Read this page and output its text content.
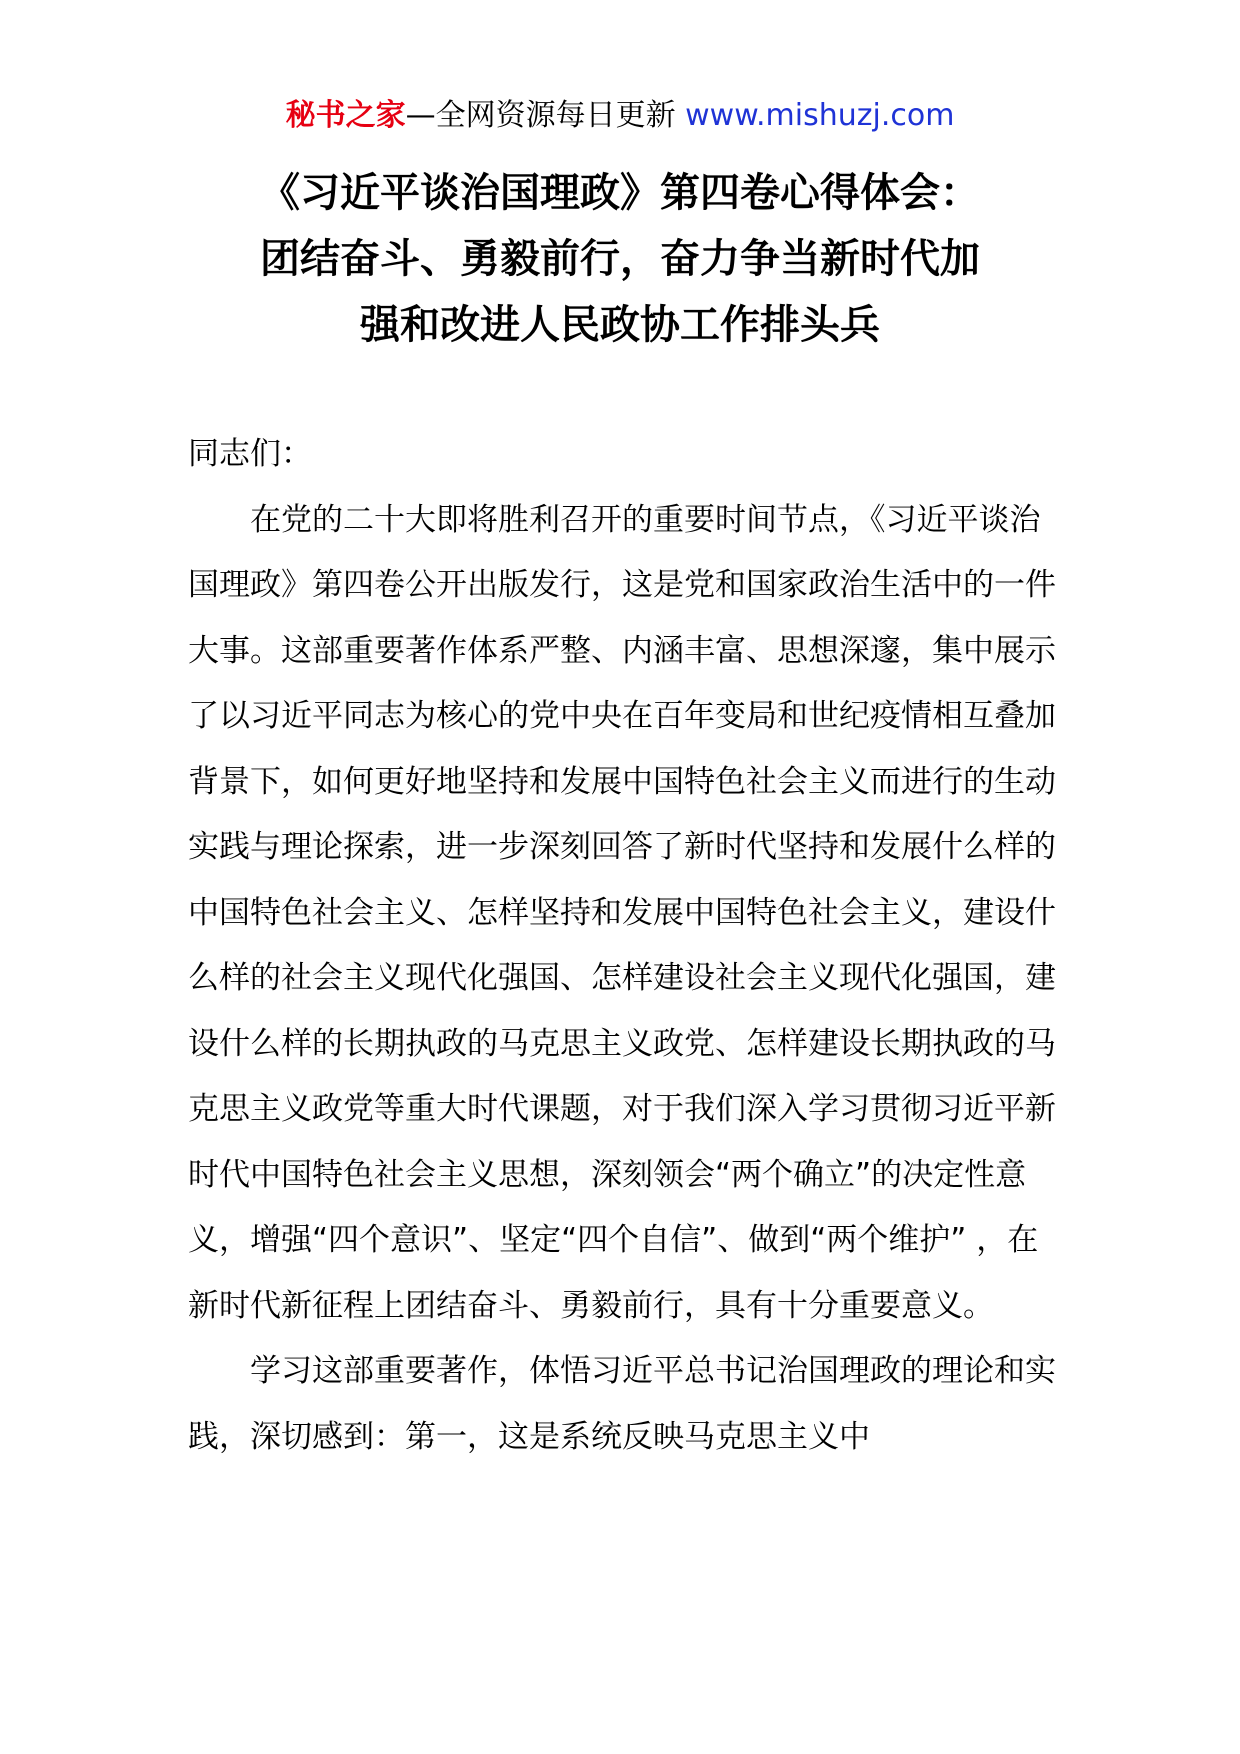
秘书之家—全网资源每日更新 www.mishuzj.com
《习近平谈治国理政》第四卷心得体会：
团结奋斗、勇毅前行，奋力争当新时代加
强和改进人民政协工作排头兵

同志们：

在党的二十大即将胜利召开的重要时间节点，《习近平谈治国理政》第四卷公开出版发行，这是党和国家政治生活中的一件大事。这部重要著作体系严整、内涵丰富、思想深邃，集中展示了以习近平同志为核心的党中央在百年变局和世纪疫情相互叠加背景下，如何更好地坚持和发展中国特色社会主义而进行的生动实践与理论探索，进一步深刻回答了新时代坚持和发展什么样的中国特色社会主义、怎样坚持和发展中国特色社会主义，建设什么样的社会主义现代化强国、怎样建设社会主义现代化强国，建设什么样的长期执政的马克思主义政党、怎样建设长期执政的马克思主义政党等重大时代课题，对于我们深入学习贯彻习近平新时代中国特色社会主义思想，深刻领会“两个确立”的决定性意义，增强“四个意识”、坚定“四个自信”、做到“两个维护” ，在新时代新征程上团结奋斗、勇毅前行，具有十分重要意义。

学习这部重要著作，体悟习近平总书记治国理政的理论和实践，深切感到：第一，这是系统反映马克思主义中
